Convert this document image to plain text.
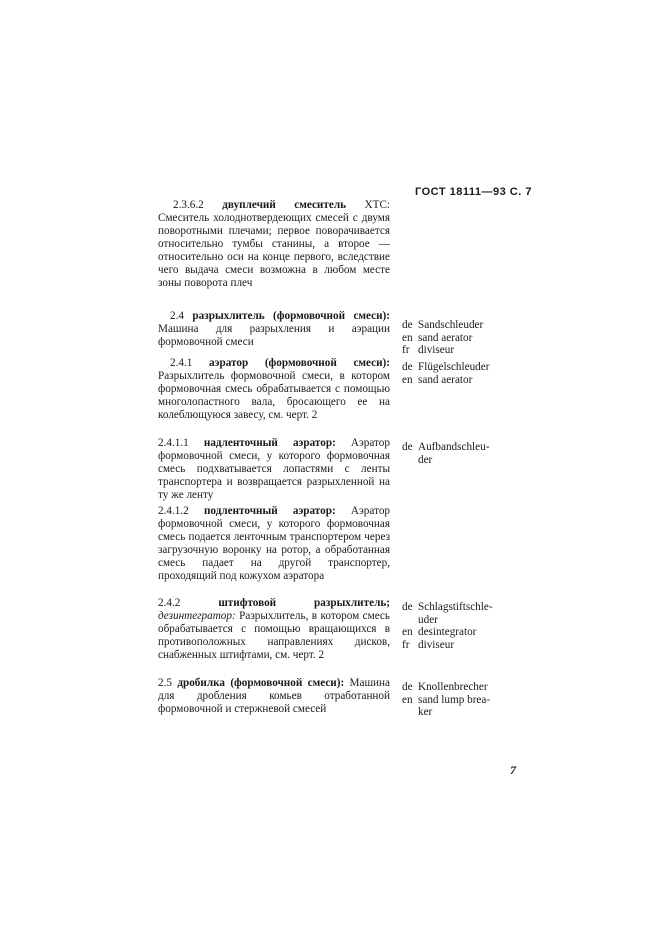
ГОСТ 18111—93 С. 7
2.3.6.2 двуплечий смеситель ХТС: Смеситель холоднотвердеющих смесей с двумя поворотными плечами; первое поворачивается относительно тумбы станины, а второе — относительно оси на конце первого, вследствие чего выдача смеси возможна в любом месте зоны поворота плеч
2.4 разрыхлитель (формовочной смеси): Машина для разрыхления и аэрации формовочной смеси
de Sandschleuder
en sand aerator
fr diviseur
2.4.1 аэратор (формовочной смеси): Разрыхлитель формовочной смеси, в котором формовочная смесь обрабатывается с помощью многолопастного вала, бросающего ее на колеблющуюся завесу, см. черт. 2
de Flügelschleuder
en sand aerator
2.4.1.1 надленточный аэратор: Аэратор формовочной смеси, у которого формовочная смесь подхватывается лопастями с ленты транспортера и возвращается разрыхленной на ту же ленту
de Aufbandschleu-
der
2.4.1.2 подленточный аэратор: Аэратор формовочной смеси, у которого формовочная смесь подается ленточным транспортером через загрузочную воронку на ротор, а обработанная смесь падает на другой транспортер, проходящий под кожухом аэратора
2.4.2 штифтовой разрыхлитель; дезинтегратор: Разрыхлитель, в котором смесь обрабатывается с помощью вращающихся в противоположных направлениях дисков, снабженных штифтами, см. черт. 2
de Schlagstiftschle-
uder
en desintegrator
fr diviseur
2.5 дробилка (формовочной смеси): Машина для дробления комьев отработанной формовочной и стержневой смесей
de Knollenbrecher
en sand lump brea-
ker
7
